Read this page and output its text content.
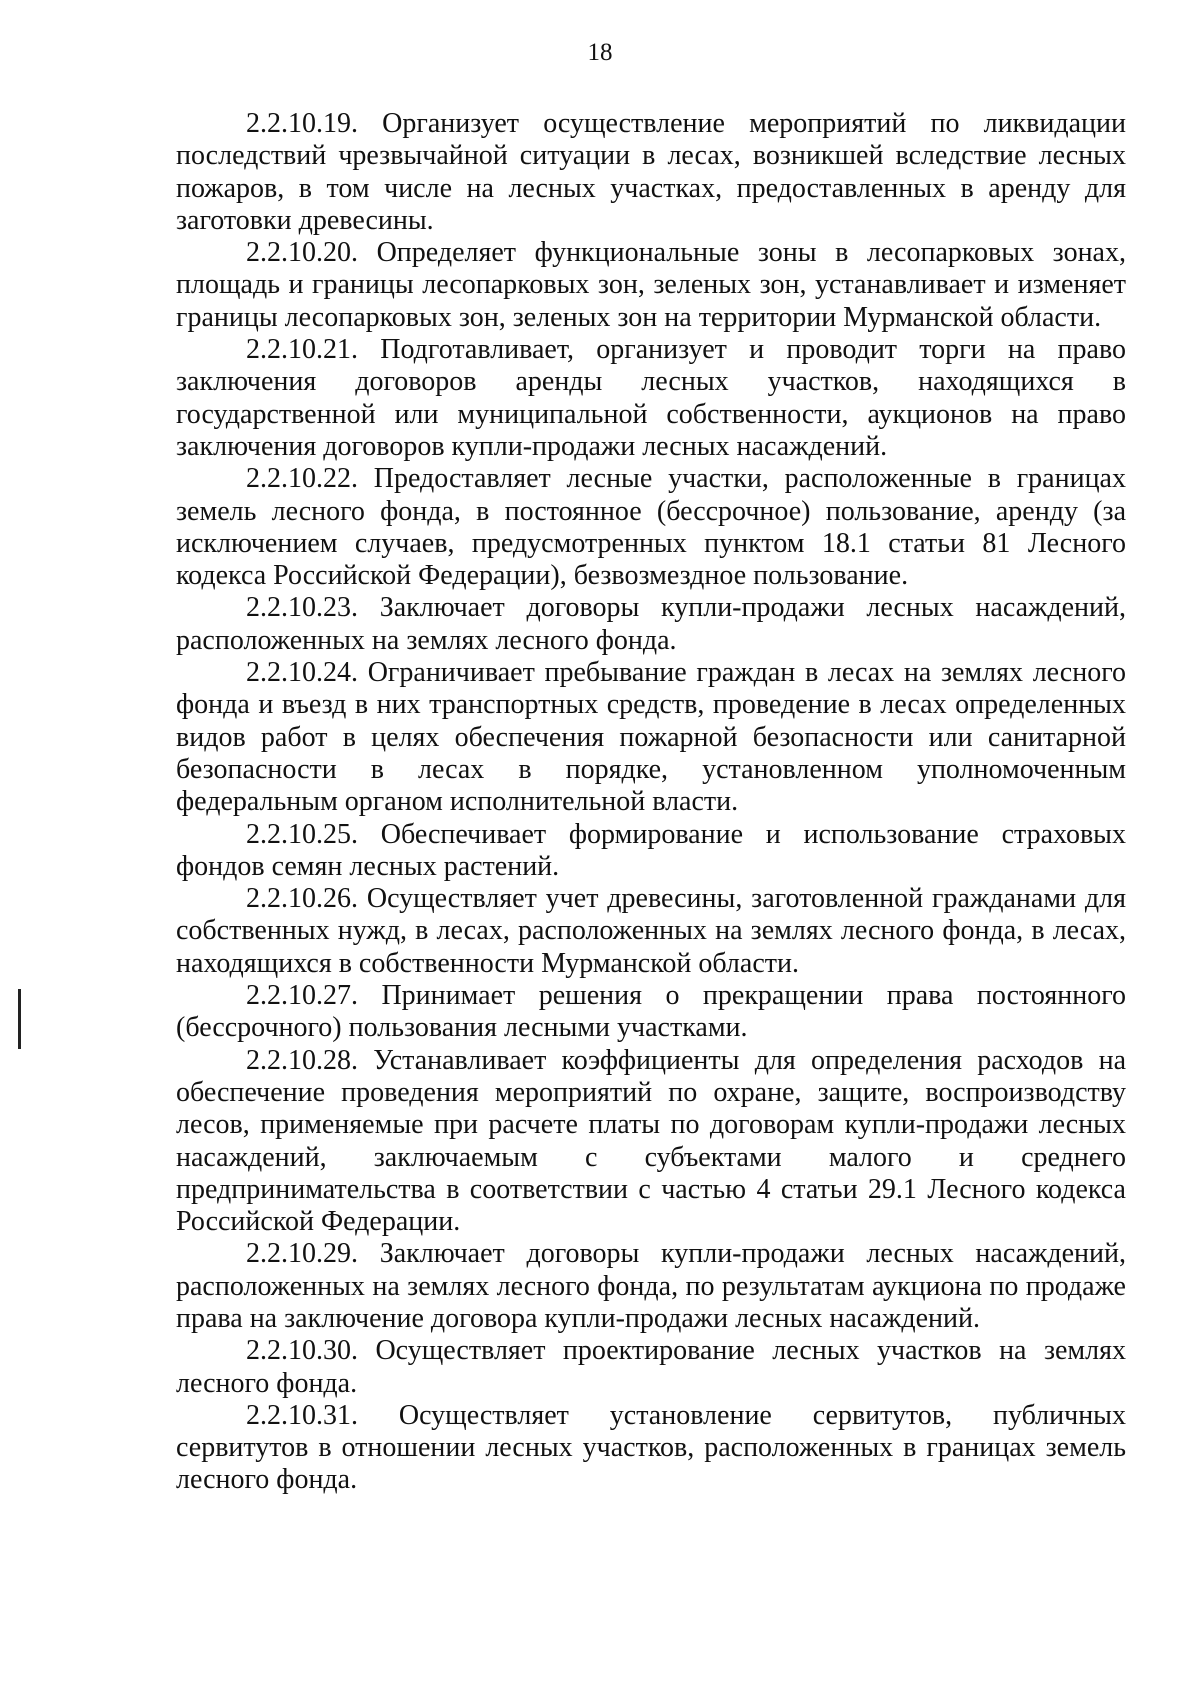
18

2.2.10.19. Организует осуществление мероприятий по ликвидации последствий чрезвычайной ситуации в лесах, возникшей вследствие лесных пожаров, в том числе на лесных участках, предоставленных в аренду для заготовки древесины.

2.2.10.20. Определяет функциональные зоны в лесопарковых зонах, площадь и границы лесопарковых зон, зеленых зон, устанавливает и изменяет границы лесопарковых зон, зеленых зон на территории Мурманской области.

2.2.10.21. Подготавливает, организует и проводит торги на право заключения договоров аренды лесных участков, находящихся в государственной или муниципальной собственности, аукционов на право заключения договоров купли-продажи лесных насаждений.

2.2.10.22. Предоставляет лесные участки, расположенные в границах земель лесного фонда, в постоянное (бессрочное) пользование, аренду (за исключением случаев, предусмотренных пунктом 18.1 статьи 81 Лесного кодекса Российской Федерации), безвозмездное пользование.

2.2.10.23. Заключает договоры купли-продажи лесных насаждений, расположенных на землях лесного фонда.

2.2.10.24. Ограничивает пребывание граждан в лесах на землях лесного фонда и въезд в них транспортных средств, проведение в лесах определенных видов работ в целях обеспечения пожарной безопасности или санитарной безопасности в лесах в порядке, установленном уполномоченным федеральным органом исполнительной власти.

2.2.10.25. Обеспечивает формирование и использование страховых фондов семян лесных растений.

2.2.10.26. Осуществляет учет древесины, заготовленной гражданами для собственных нужд, в лесах, расположенных на землях лесного фонда, в лесах, находящихся в собственности Мурманской области.

2.2.10.27. Принимает решения о прекращении права постоянного (бессрочного) пользования лесными участками.

2.2.10.28. Устанавливает коэффициенты для определения расходов на обеспечение проведения мероприятий по охране, защите, воспроизводству лесов, применяемые при расчете платы по договорам купли-продажи лесных насаждений, заключаемым с субъектами малого и среднего предпринимательства в соответствии с частью 4 статьи 29.1 Лесного кодекса Российской Федерации.

2.2.10.29. Заключает договоры купли-продажи лесных насаждений, расположенных на землях лесного фонда, по результатам аукциона по продаже права на заключение договора купли-продажи лесных насаждений.

2.2.10.30. Осуществляет проектирование лесных участков на землях лесного фонда.

2.2.10.31. Осуществляет установление сервитутов, публичных сервитутов в отношении лесных участков, расположенных в границах земель лесного фонда.
